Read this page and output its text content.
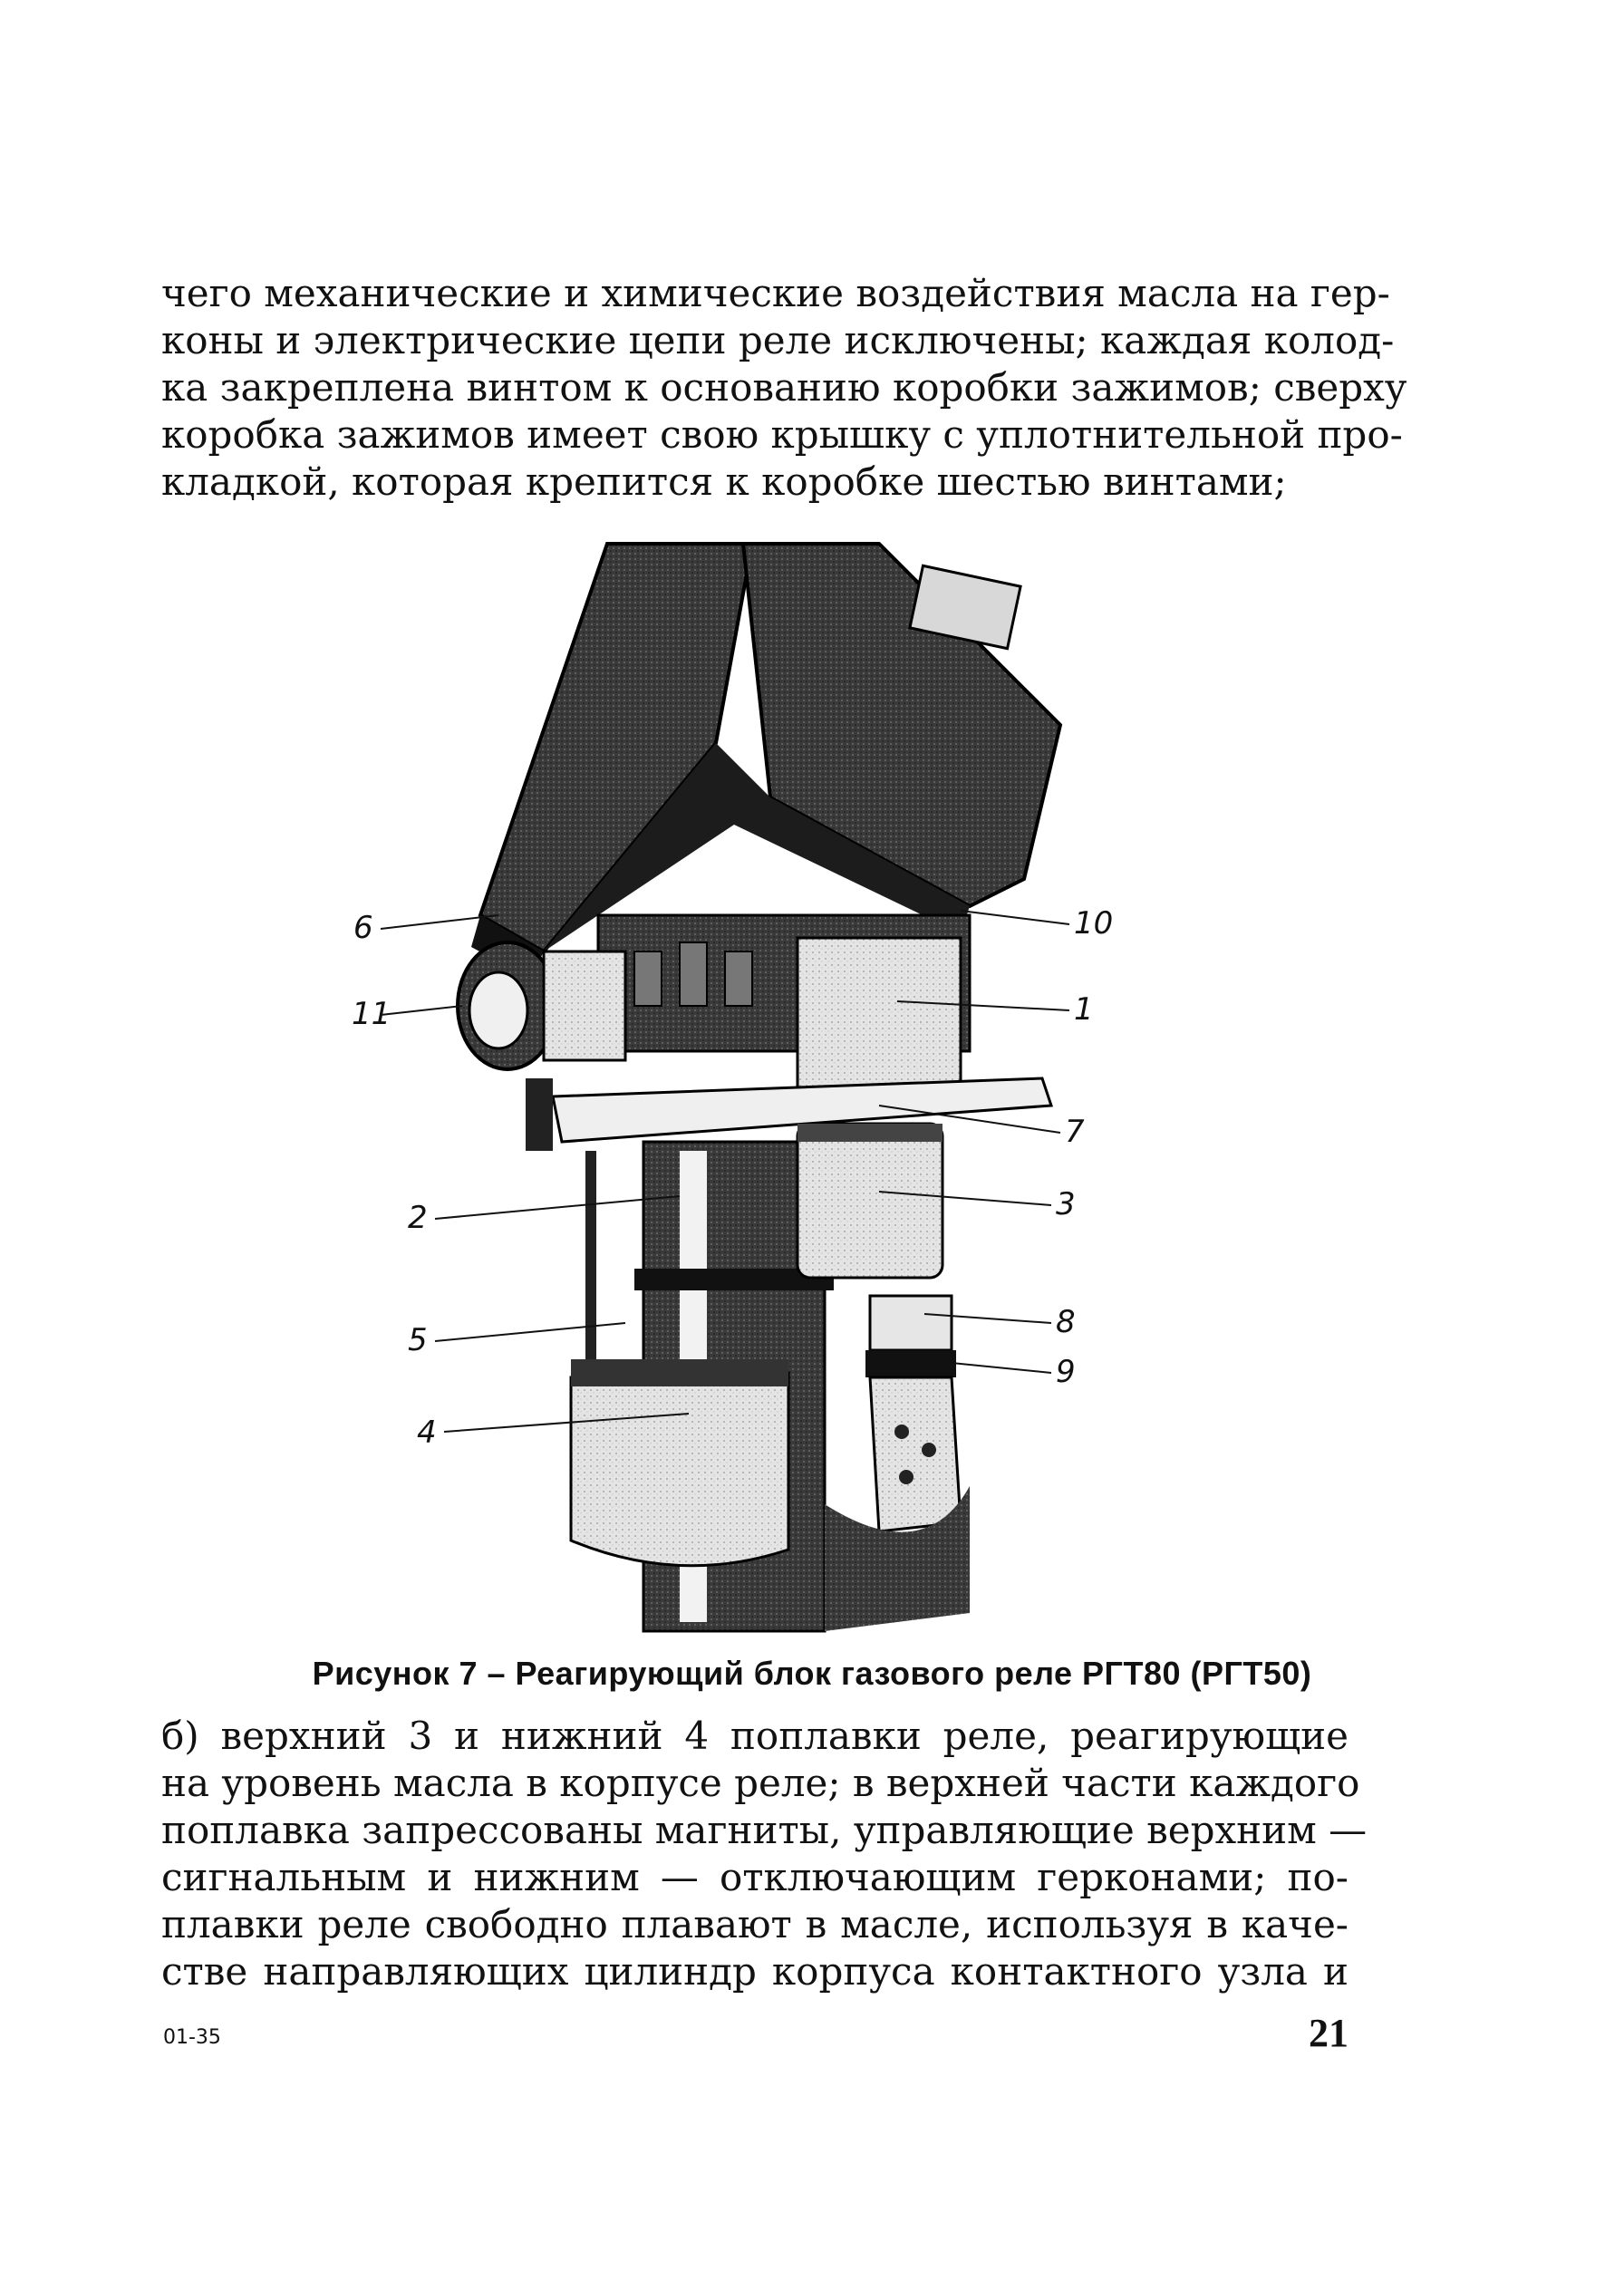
чего механические и химические воздействия масла на гер-
коны и электрические цепи реле исключены; каждая колод-
ка закреплена винтом к основанию коробки зажимов; сверху
коробка зажимов имеет свою крышку с уплотнительной про-
кладкой, которая крепится к коробке шестью винтами;
6
11
10
1
7
2	3
8
5
9
4
Рисунок 7 – Реагирующий блок газового реле РГТ80 (РГТ50)
б) верхний 3 и нижний 4 поплавки реле, реагирующие
на уровень масла в корпусе реле; в верхней части каждого
поплавка запрессованы магниты, управляющие верхним —
сигнальным и нижним — отключающим герконами; по-
плавки реле свободно плавают в масле, используя в каче-
стве направляющих цилиндр корпуса контактного узла и
01-35	21
